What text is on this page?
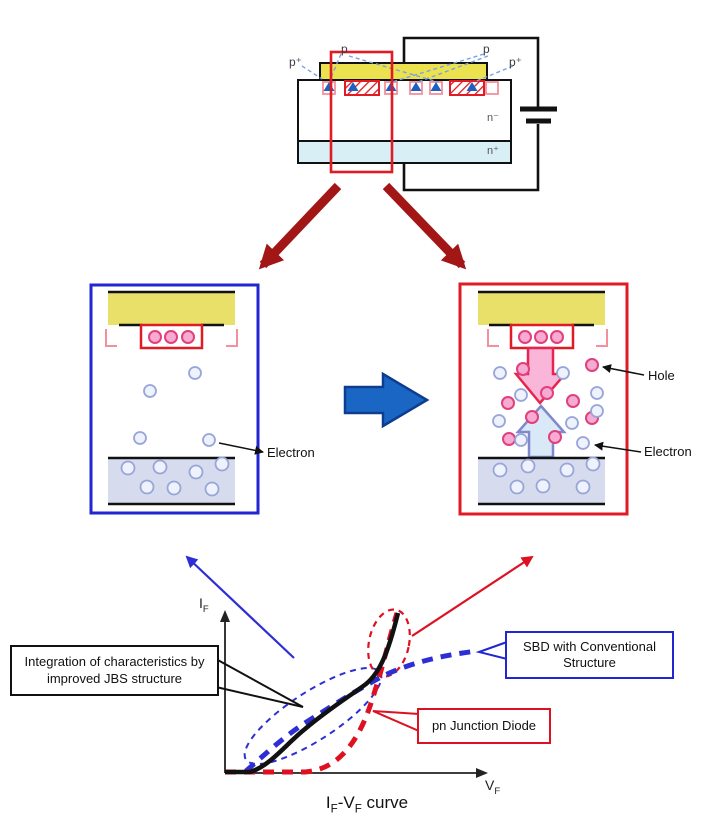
p
p⁺
p
p⁺
n⁻
n⁺
Electron
Hole
Electron
Integration of characteristics by
improved JBS structure
SBD with Conventional
Structure
pn Junction Diode
$I_F$
$V_F$
$I_F-V_F$ curve
